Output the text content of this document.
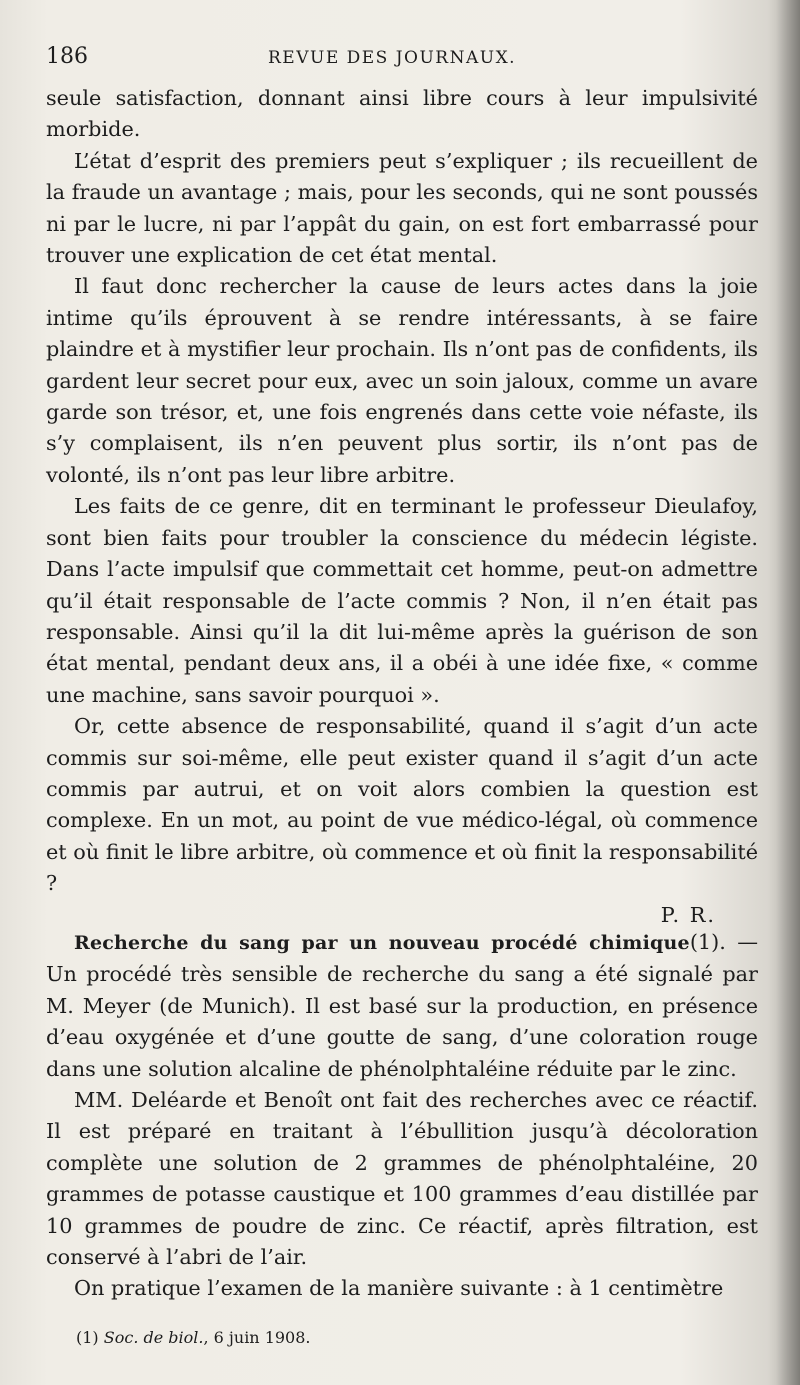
186	REVUE DES JOURNAUX.

seule satisfaction, donnant ainsi libre cours à leur impulsivité morbide.

L’état d’esprit des premiers peut s’expliquer ; ils recueillent de la fraude un avantage ; mais, pour les seconds, qui ne sont poussés ni par le lucre, ni par l’appât du gain, on est fort embarrassé pour trouver une explication de cet état mental.

Il faut donc rechercher la cause de leurs actes dans la joie intime qu’ils éprouvent à se rendre intéressants, à se faire plaindre et à mystifier leur prochain. Ils n’ont pas de confidents, ils gardent leur secret pour eux, avec un soin jaloux, comme un avare garde son trésor, et, une fois engrenés dans cette voie néfaste, ils s’y complaisent, ils n’en peuvent plus sortir, ils n’ont pas de volonté, ils n’ont pas leur libre arbitre.

Les faits de ce genre, dit en terminant le professeur Dieulafoy, sont bien faits pour troubler la conscience du médecin légiste. Dans l’acte impulsif que commettait cet homme, peut-on admettre qu’il était responsable de l’acte commis ? Non, il n’en était pas responsable. Ainsi qu’il la dit lui-même après la guérison de son état mental, pendant deux ans, il a obéi à une idée fixe, « comme une machine, sans savoir pourquoi ».

Or, cette absence de responsabilité, quand il s’agit d’un acte commis sur soi-même, elle peut exister quand il s’agit d’un acte commis par autrui, et on voit alors combien la question est complexe. En un mot, au point de vue médico-légal, où commence et où finit le libre arbitre, où commence et où finit la responsabilité ?

P. R.

Recherche du sang par un nouveau procédé chimique(1). — Un procédé très sensible de recherche du sang a été signalé par M. Meyer (de Munich). Il est basé sur la production, en présence d’eau oxygénée et d’une goutte de sang, d’une coloration rouge dans une solution alcaline de phénolphtaléine réduite par le zinc.

MM. Deléarde et Benoît ont fait des recherches avec ce réactif. Il est préparé en traitant à l’ébullition jusqu’à décoloration complète une solution de 2 grammes de phénolphtaléine, 20 grammes de potasse caustique et 100 grammes d’eau distillée par 10 grammes de poudre de zinc. Ce réactif, après filtration, est conservé à l’abri de l’air.

On pratique l’examen de la manière suivante : à 1 centimètre

(1) Soc. de biol., 6 juin 1908.
